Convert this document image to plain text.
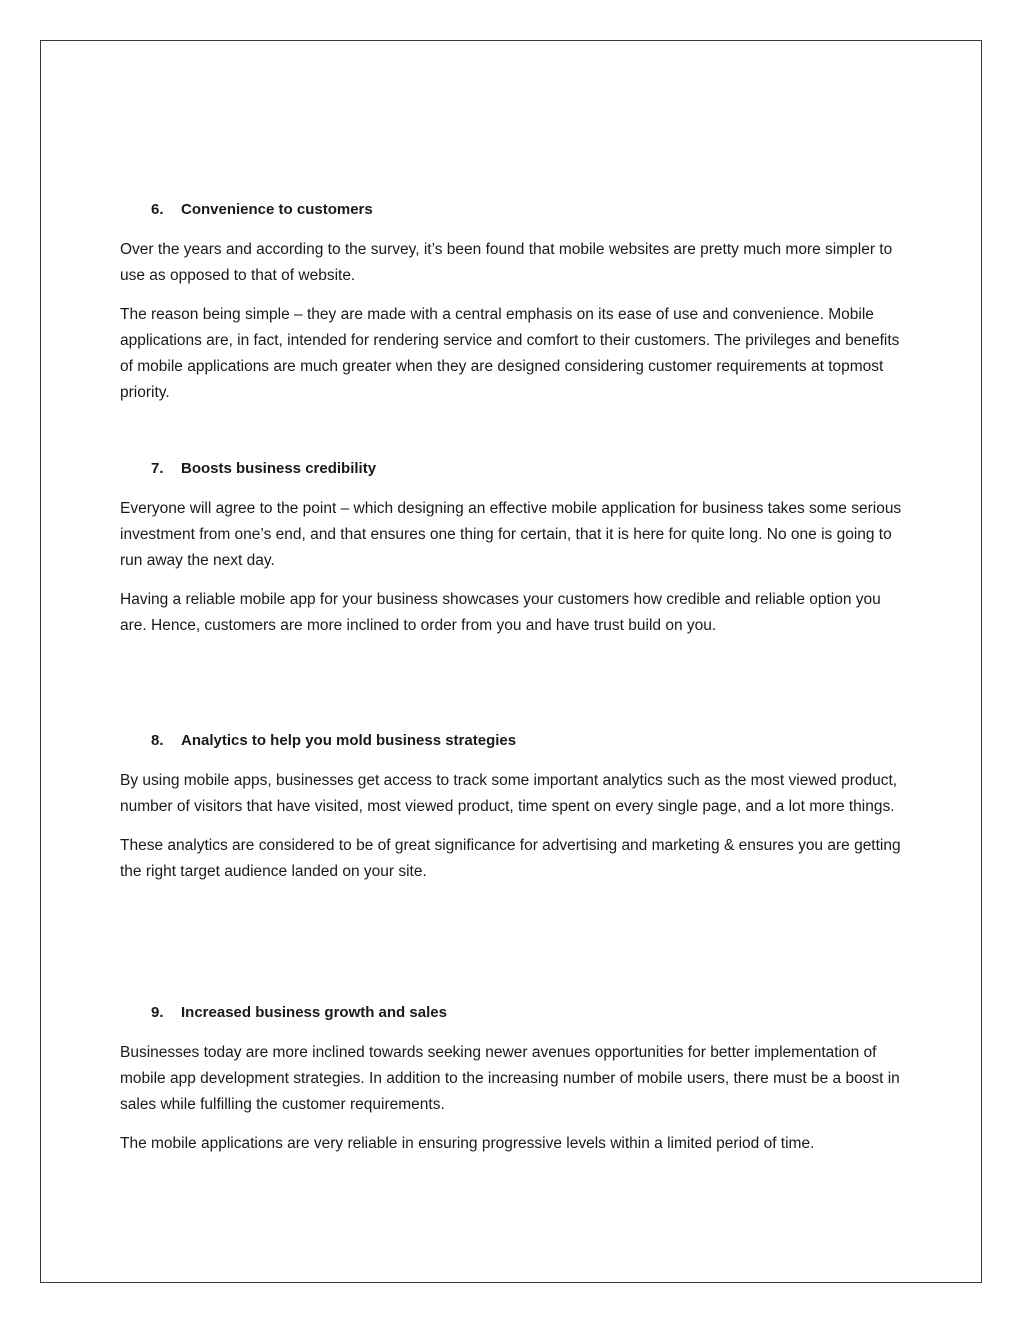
6. Convenience to customers

Over the years and according to the survey, it’s been found that mobile websites are pretty much more simpler to use as opposed to that of website.

The reason being simple – they are made with a central emphasis on its ease of use and convenience. Mobile applications are, in fact, intended for rendering service and comfort to their customers. The privileges and benefits of mobile applications are much greater when they are designed considering customer requirements at topmost priority.

7. Boosts business credibility

Everyone will agree to the point – which designing an effective mobile application for business takes some serious investment from one’s end, and that ensures one thing for certain, that it is here for quite long. No one is going to run away the next day.

Having a reliable mobile app for your business showcases your customers how credible and reliable option you are. Hence, customers are more inclined to order from you and have trust build on you.

8. Analytics to help you mold business strategies

By using mobile apps, businesses get access to track some important analytics such as the most viewed product, number of visitors that have visited, most viewed product, time spent on every single page, and a lot more things.

These analytics are considered to be of great significance for advertising and marketing & ensures you are getting the right target audience landed on your site.

9. Increased business growth and sales

Businesses today are more inclined towards seeking newer avenues opportunities for better implementation of mobile app development strategies. In addition to the increasing number of mobile users, there must be a boost in sales while fulfilling the customer requirements.

The mobile applications are very reliable in ensuring progressive levels within a limited period of time.
